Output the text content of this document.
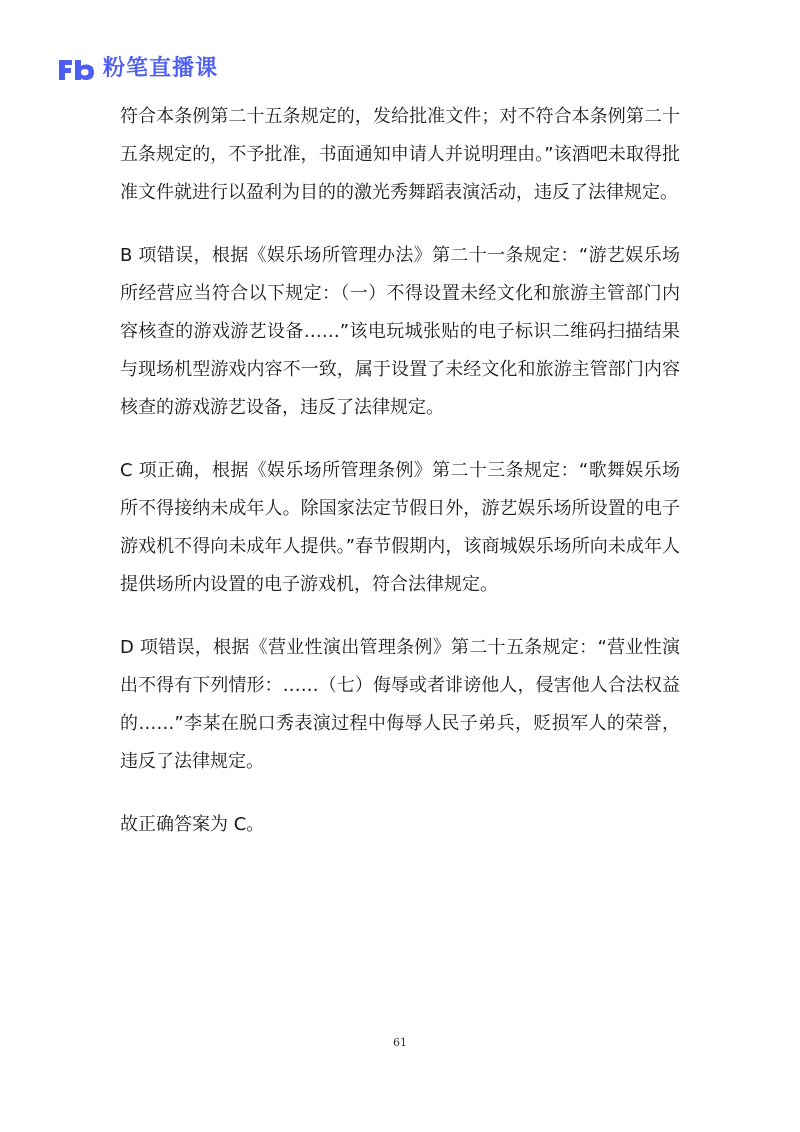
粉笔直播课

符合本条例第二十五条规定的，发给批准文件；对不符合本条例第二十五条规定的，不予批准，书面通知申请人并说明理由。”该酒吧未取得批准文件就进行以盈利为目的的激光秀舞蹈表演活动，违反了法律规定。

B 项错误，根据《娱乐场所管理办法》第二十一条规定：“游艺娱乐场所经营应当符合以下规定：（一）不得设置未经文化和旅游主管部门内容核查的游戏游艺设备……”该电玩城张贴的电子标识二维码扫描结果与现场机型游戏内容不一致，属于设置了未经文化和旅游主管部门内容核查的游戏游艺设备，违反了法律规定。

C 项正确，根据《娱乐场所管理条例》第二十三条规定：“歌舞娱乐场所不得接纳未成年人。除国家法定节假日外，游艺娱乐场所设置的电子游戏机不得向未成年人提供。”春节假期内，该商城娱乐场所向未成年人提供场所内设置的电子游戏机，符合法律规定。

D 项错误，根据《营业性演出管理条例》第二十五条规定：“营业性演出不得有下列情形：……（七）侮辱或者诽谤他人，侵害他人合法权益的……”李某在脱口秀表演过程中侮辱人民子弟兵，贬损军人的荣誉，违反了法律规定。

故正确答案为 C。

61
